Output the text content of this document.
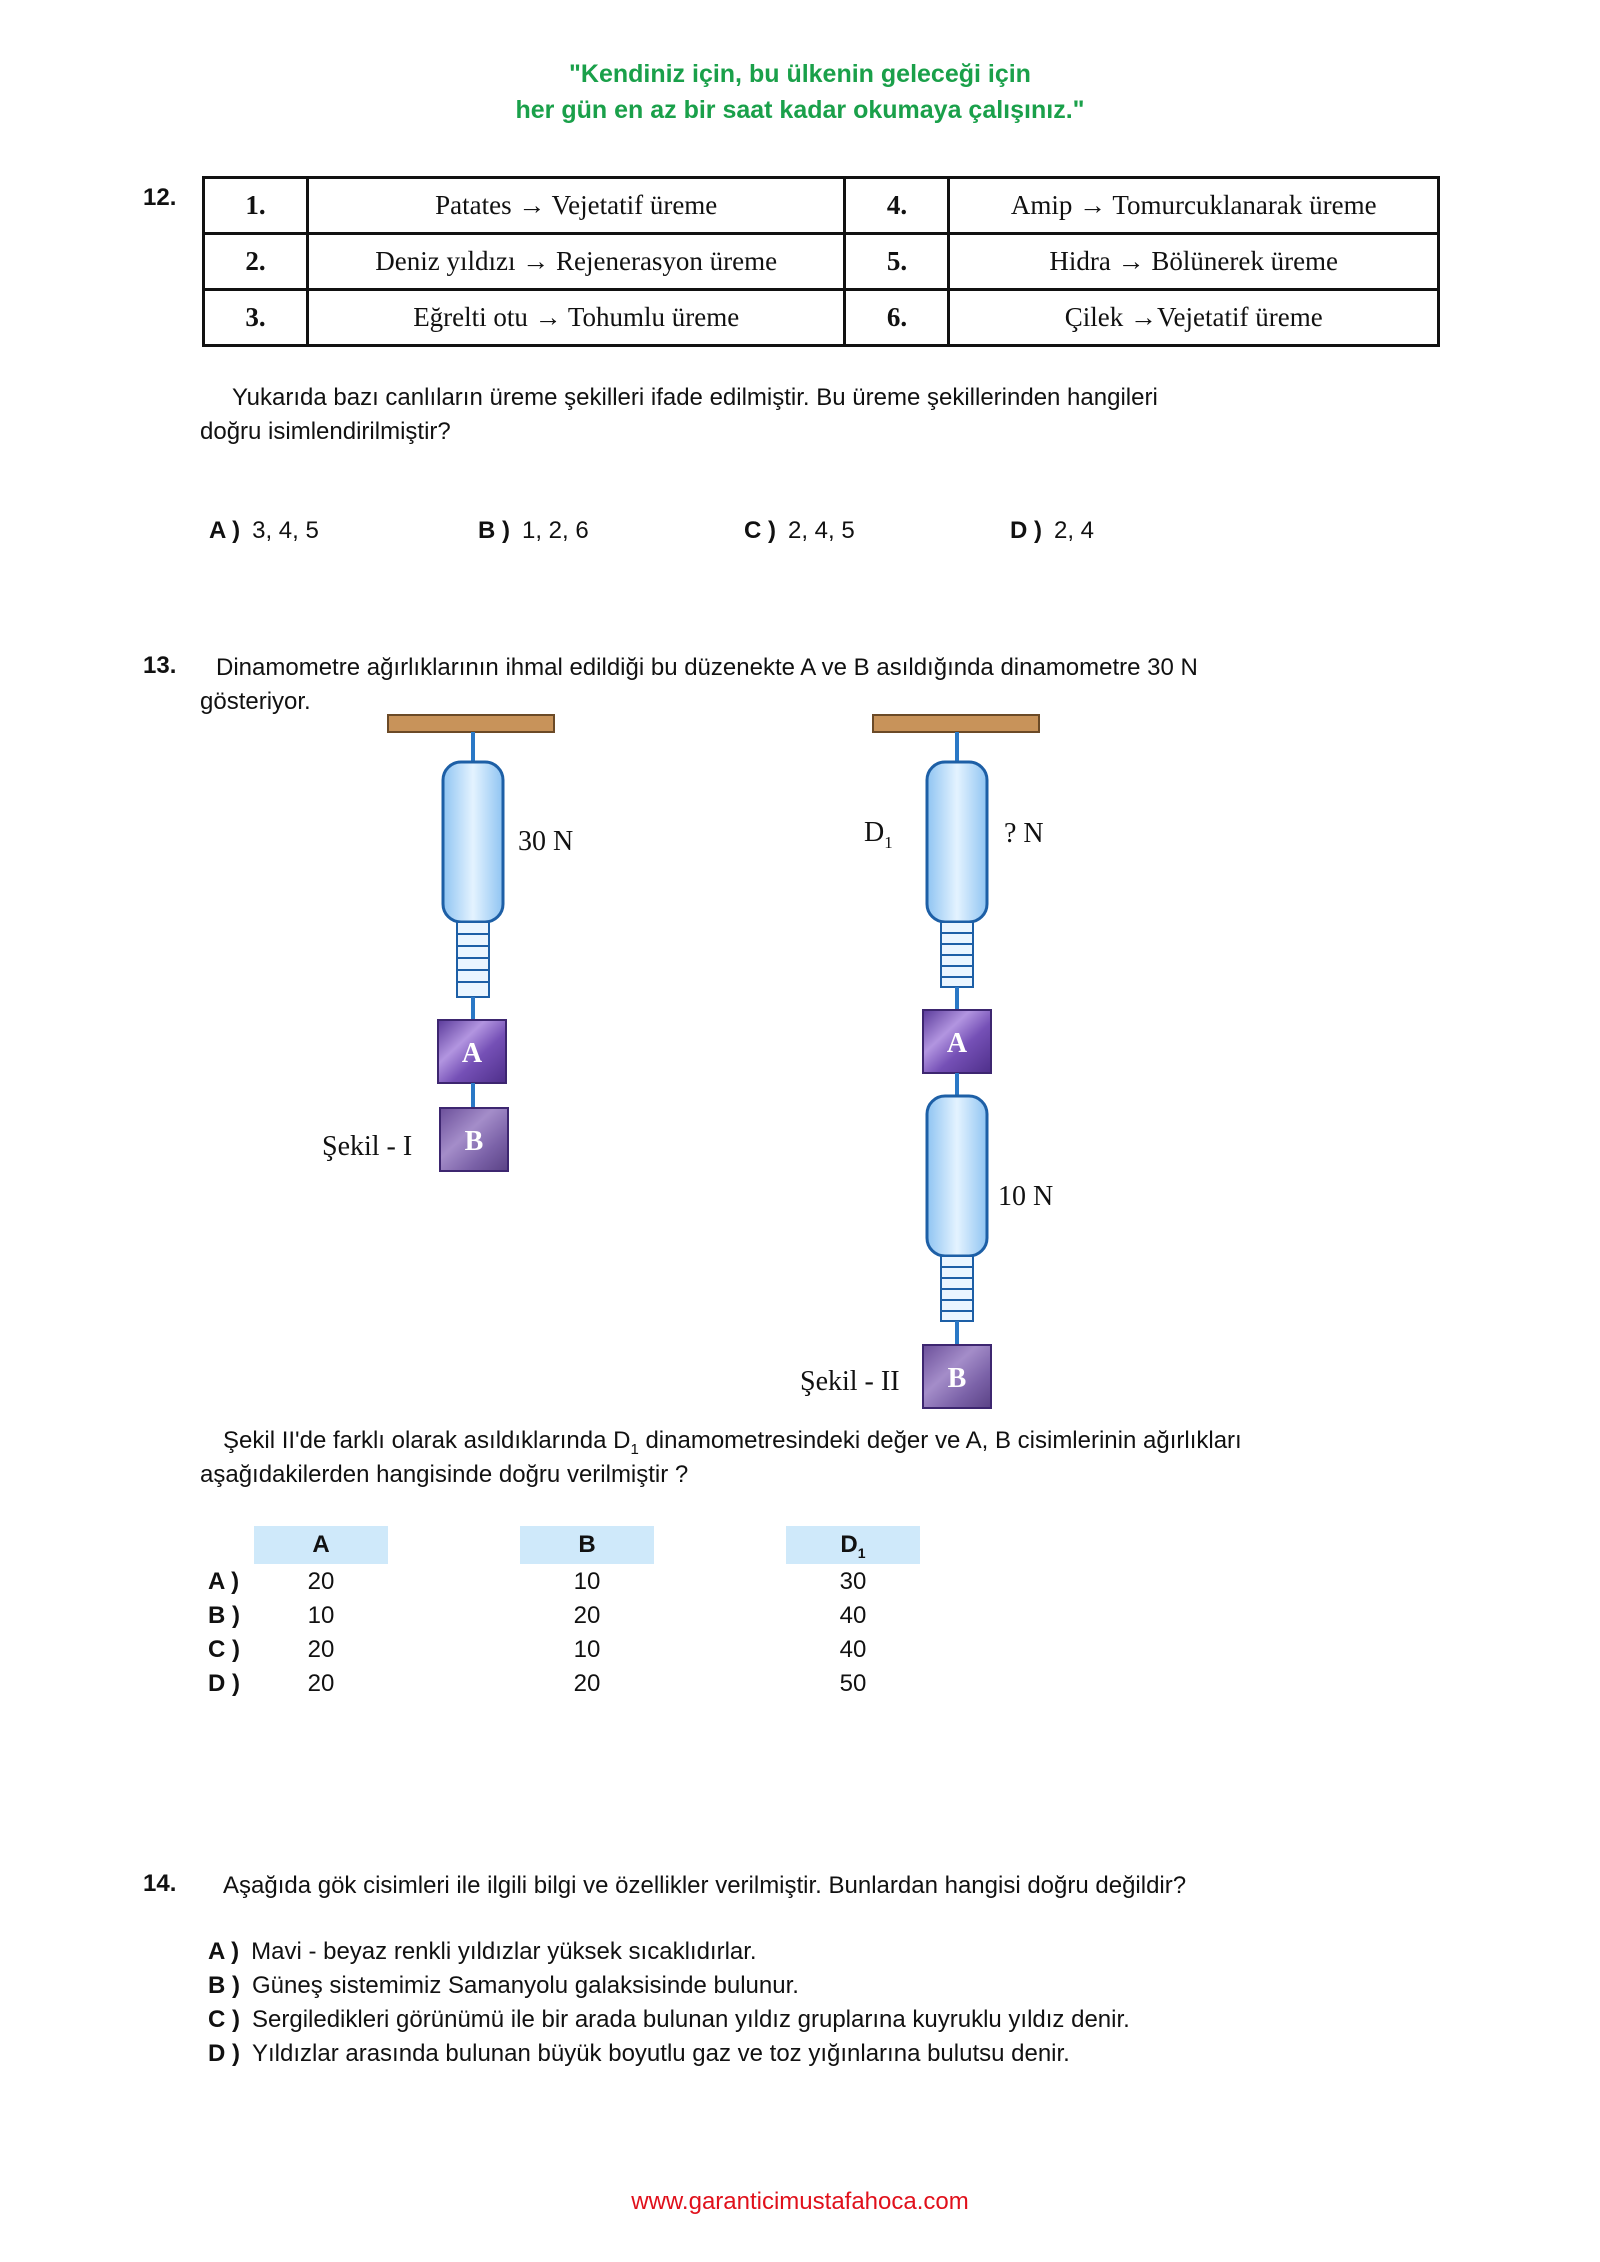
"Kendiniz için, bu ülkenin geleceği için
her gün en az bir saat kadar okumaya çalışınız."
12.	1.	Patates → Vejetatif üreme	4.	Amip → Tomurcuklanarak üreme
2.	Deniz yıldızı → Rejenerasyon üreme	5.	Hidra → Bölünerek üreme
3.	Eğrelti otu → Tohumlu üreme	6.	Çilek →Vejetatif üreme
Yukarıda bazı canlıların üreme şekilleri ifade edilmiştir. Bu üreme şekillerinden hangileri
doğru isimlendirilmiştir?
A ) 3, 4, 5	B ) 1, 2, 6	C ) 2, 4, 5	D ) 2, 4
13. Dinamometre ağırlıklarının ihmal edildiği bu düzenekte A ve B asıldığında dinamometre 30 N
gösteriyor.
30 N
A
B
Şekil - I
$D_1$	? N
A
10 N
B
Şekil - II
Şekil II'de farklı olarak asıldıklarında $D_1$ dinamometresindeki değer ve A, B cisimlerinin ağırlıkları
aşağıdakilerden hangisinde doğru verilmiştir ?
A	B	$D_1$
A )	20	10	30
B )	10	20	40
C )	20	10	40
D )	20	20	50
14. Aşağıda gök cisimleri ile ilgili bilgi ve özellikler verilmiştir. Bunlardan hangisi doğru değildir?
A ) Mavi - beyaz renkli yıldızlar yüksek sıcaklıdırlar.
B ) Güneş sistemimiz Samanyolu galaksisinde bulunur.
C ) Sergiledikleri görünümü ile bir arada bulunan yıldız gruplarına kuyruklu yıldız denir.
D ) Yıldızlar arasında bulunan büyük boyutlu gaz ve toz yığınlarına bulutsu denir.
www.garanticimustafahoca.com
